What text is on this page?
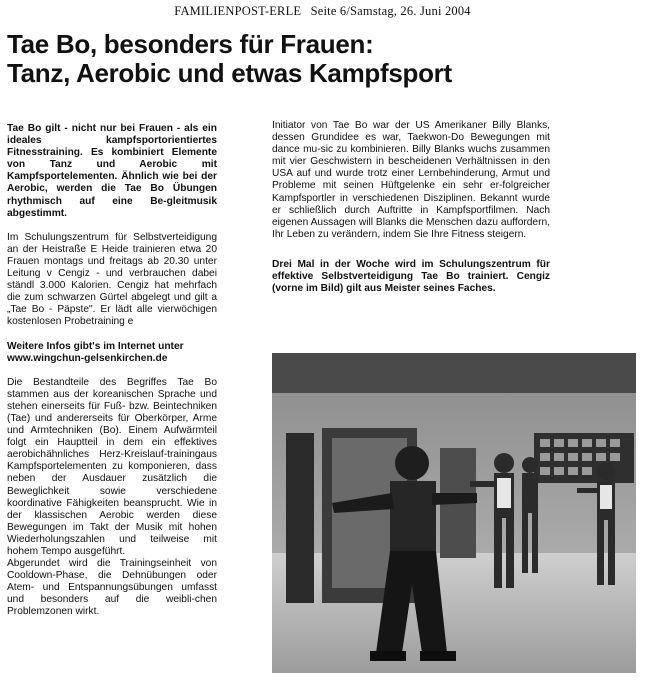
FAMILIENPOST-ERLE Seite 6/Samstag, 26. Juni 2004
Tae Bo, besonders für Frauen:
Tanz, Aerobic und etwas Kampfsport

Tae Bo gilt - nicht nur bei Frauen - als ein ideales kampfsportorientiertes Fitnesstraining. Es kombiniert Elemente von Tanz und Aerobic mit Kampfsportelementen. Ähnlich wie bei der Aerobic, werden die Tae Bo Übungen rhythmisch auf eine Be-gleitmusik abgestimmt.

Im Schulungszentrum für Selbstverteidigung an der Heistraße E Heide trainieren etwa 20 Frauen montags und freitags ab 20.30 unter Leitung v Cengiz - und verbrauchen dabei ständl 3.000 Kalorien. Cengiz hat mehrfach die zum schwarzen Gürtel abgelegt und gilt a „Tae Bo - Päpste". Er lädt alle vierwöchigen kostenlosen Probetraining e

Weitere Infos gibt's im Internet unter
www.wingchun-gelsenkirchen.de

Die Bestandteile des Begriffes Tae Bo stammen aus der koreanischen Sprache und stehen einerseits für Fuß- bzw. Beintechniken (Tae) und andererseits für Oberkörper, Arme und Armtechniken (Bo). Einem Aufwärmteil folgt ein Hauptteil in dem ein effektives aerobichähnliches Herz-Kreislauf-trainingaus Kampfsportelementen zu komponieren, dass neben der Ausdauer zusätzlich die Beweglichkeit sowie verschiedene koordinative Fähigkeiten beansprucht. Wie in der klassischen Aerobic werden diese Bewegungen im Takt der Musik mit hohen Wiederholungszahlen und teilweise mit hohem Tempo ausgeführt.

Abgerundet wird die Trainingseinheit von Cooldown-Phase, die Dehnübungen oder Atem- und Entspannungsübungen umfasst und besonders auf die weibli-chen Problemzonen wirkt.

Initiator von Tae Bo war der US Amerikaner Billy Blanks, dessen Grundidee es war, Taekwon-Do Bewegungen mit dance mu-sic zu kombinieren. Billy Blanks wuchs zusammen mit vier Geschwistern in bescheidenen Verhältnissen in den USA auf und wurde trotz einer Lernbehinderung, Armut und Probleme mit seinen Hüftgelenke ein sehr er-folgreicher Kampfsportler in verschiedenen Disziplinen. Bekannt wurde er schließlich durch Auftritte in Kampfsportfilmen. Nach eigenen Aussagen will Blanks die Menschen dazu auffordern, Ihr Leben zu verändern, indem Sie Ihre Fitness steigern.

Drei Mal in der Woche wird im Schulungszentrum für effektive Selbstverteidigung Tae Bo trainiert. Cengiz (vorne im Bild) gilt aus Meister seines Faches.
